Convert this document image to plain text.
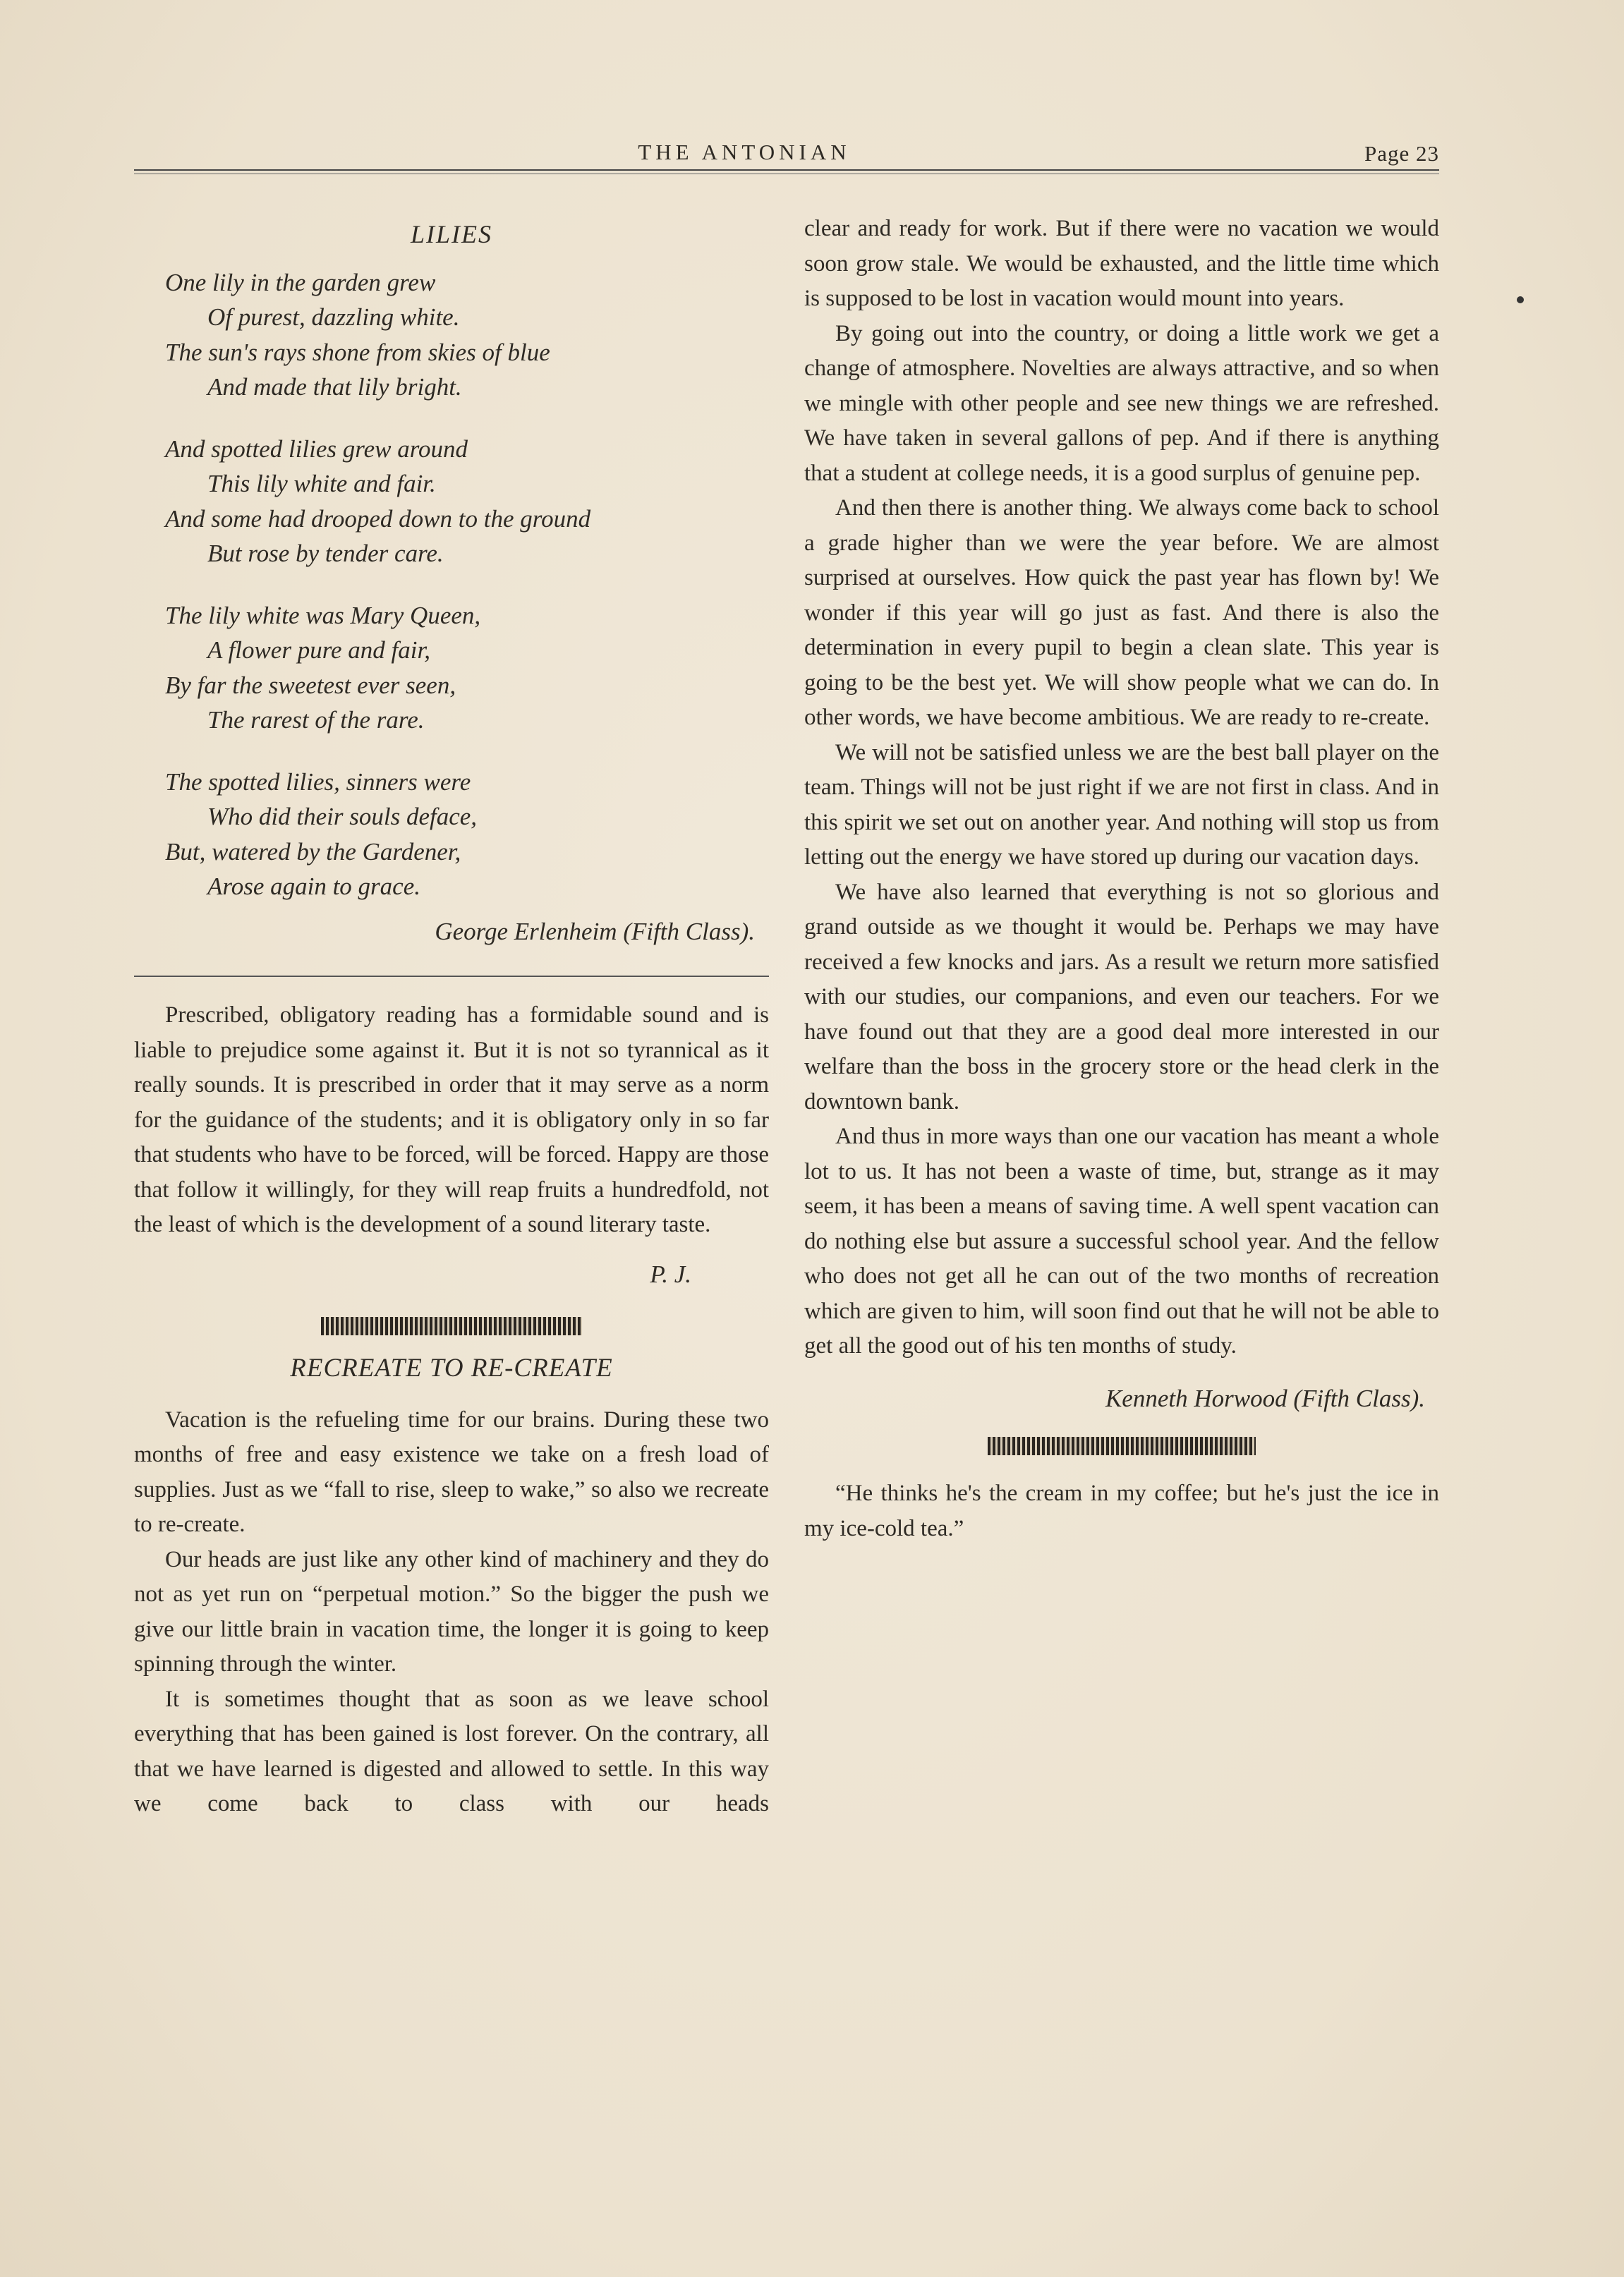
THE ANTONIAN	Page 23
LILIES
One lily in the garden grew
Of purest, dazzling white.
The sun's rays shone from skies of blue
And made that lily bright.
And spotted lilies grew around
This lily white and fair.
And some had drooped down to the ground
But rose by tender care.
The lily white was Mary Queen,
A flower pure and fair,
By far the sweetest ever seen,
The rarest of the rare.
The spotted lilies, sinners were
Who did their souls deface,
But, watered by the Gardener,
Arose again to grace.
George Erlenheim (Fifth Class).

Prescribed, obligatory reading has a formidable sound and is liable to prejudice some against it. But it is not so tyrannical as it really sounds. It is prescribed in order that it may serve as a norm for the guidance of the students; and it is obligatory only in so far that students who have to be forced, will be forced. Happy are those that follow it willingly, for they will reap fruits a hundredfold, not the least of which is the development of a sound literary taste.

P. J.
RECREATE TO RE-CREATE

Vacation is the refueling time for our brains. During these two months of free and easy existence we take on a fresh load of supplies. Just as we “fall to rise, sleep to wake,” so also we recreate to re-create.

Our heads are just like any other kind of machinery and they do not as yet run on “perpetual motion.” So the bigger the push we give our little brain in vacation time, the longer it is going to keep spinning through the winter.

It is sometimes thought that as soon as we leave school everything that has been gained is lost forever. On the contrary, all that we have learned is digested and allowed to settle. In this way we come back to class with our heads

clear and ready for work. But if there were no vacation we would soon grow stale. We would be exhausted, and the little time which is supposed to be lost in vacation would mount into years.

By going out into the country, or doing a little work we get a change of atmosphere. Novelties are always attractive, and so when we mingle with other people and see new things we are refreshed. We have taken in several gallons of pep. And if there is anything that a student at college needs, it is a good surplus of genuine pep.

And then there is another thing. We always come back to school a grade higher than we were the year before. We are almost surprised at ourselves. How quick the past year has flown by! We wonder if this year will go just as fast. And there is also the determination in every pupil to begin a clean slate. This year is going to be the best yet. We will show people what we can do. In other words, we have become ambitious. We are ready to re-create.

We will not be satisfied unless we are the best ball player on the team. Things will not be just right if we are not first in class. And in this spirit we set out on another year. And nothing will stop us from letting out the energy we have stored up during our vacation days.

We have also learned that everything is not so glorious and grand outside as we thought it would be. Perhaps we may have received a few knocks and jars. As a result we return more satisfied with our studies, our companions, and even our teachers. For we have found out that they are a good deal more interested in our welfare than the boss in the grocery store or the head clerk in the downtown bank.

And thus in more ways than one our vacation has meant a whole lot to us. It has not been a waste of time, but, strange as it may seem, it has been a means of saving time. A well spent vacation can do nothing else but assure a successful school year. And the fellow who does not get all he can out of the two months of recreation which are given to him, will soon find out that he will not be able to get all the good out of his ten months of study.

Kenneth Horwood (Fifth Class).

“He thinks he's the cream in my coffee; but he's just the ice in my ice-cold tea.”
